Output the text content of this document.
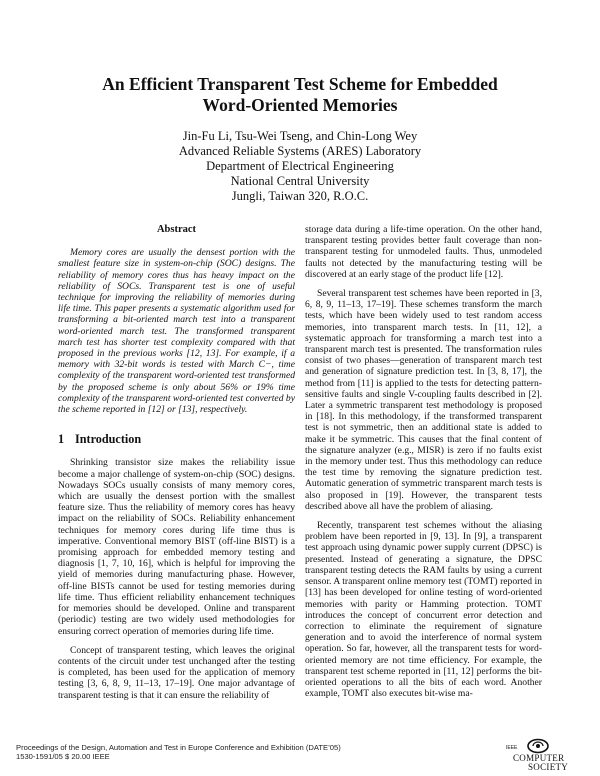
An Efficient Transparent Test Scheme for Embedded
Word-Oriented Memories
Jin-Fu Li, Tsu-Wei Tseng, and Chin-Long Wey
Advanced Reliable Systems (ARES) Laboratory
Department of Electrical Engineering
National Central University
Jungli, Taiwan 320, R.O.C.
Abstract

Memory cores are usually the densest portion with the smallest feature size in system-on-chip (SOC) designs. The reliability of memory cores thus has heavy impact on the reliability of SOCs. Transparent test is one of useful technique for improving the reliability of memories during life time. This paper presents a systematic algorithm used for transforming a bit-oriented march test into a transparent word-oriented march test. The transformed transparent march test has shorter test complexity compared with that proposed in the previous works [12, 13]. For example, if a memory with 32-bit words is tested with March C−, time complexity of the transparent word-oriented test transformed by the proposed scheme is only about 56% or 19% time complexity of the transparent word-oriented test converted by the scheme reported in [12] or [13], respectively.

1 Introduction

Shrinking transistor size makes the reliability issue become a major challenge of system-on-chip (SOC) designs. Nowadays SOCs usually consists of many memory cores, which are usually the densest portion with the smallest feature size. Thus the reliability of memory cores has heavy impact on the reliability of SOCs. Reliability enhancement techniques for memory cores during life time thus is imperative. Conventional memory BIST (off-line BIST) is a promising approach for embedded memory testing and diagnosis [1, 7, 10, 16], which is helpful for improving the yield of memories during manufacturing phase. However, off-line BISTs cannot be used for testing memories during life time. Thus efficient reliability enhancement techniques for memories should be developed. Online and transparent (periodic) testing are two widely used methodologies for ensuring correct operation of memories during life time.

Concept of transparent testing, which leaves the original contents of the circuit under test unchanged after the testing is completed, has been used for the application of memory testing [3, 6, 8, 9, 11–13, 17–19]. One major advantage of transparent testing is that it can ensure the reliability of

storage data during a life-time operation. On the other hand, transparent testing provides better fault coverage than non-transparent testing for unmodeled faults. Thus, unmodeled faults not detected by the manufacturing testing will be discovered at an early stage of the product life [12].

Several transparent test schemes have been reported in [3, 6, 8, 9, 11–13, 17–19]. These schemes transform the march tests, which have been widely used to test random access memories, into transparent march tests. In [11, 12], a systematic approach for transforming a march test into a transparent march test is presented. The transformation rules consist of two phases—generation of transparent march test and generation of signature prediction test. In [3, 8, 17], the method from [11] is applied to the tests for detecting pattern-sensitive faults and single V-coupling faults described in [2]. Later a symmetric transparent test methodology is proposed in [18]. In this methodology, if the transformed transparent test is not symmetric, then an additional state is added to make it be symmetric. This causes that the final content of the signature analyzer (e.g., MISR) is zero if no faults exist in the memory under test. Thus this methodology can reduce the test time by removing the signature prediction test. Automatic generation of symmetric transparent march tests is also proposed in [19]. However, the transparent tests described above all have the problem of aliasing.

Recently, transparent test schemes without the aliasing problem have been reported in [9, 13]. In [9], a transparent test approach using dynamic power supply current (DPSC) is presented. Instead of generating a signature, the DPSC transparent testing detects the RAM faults by using a current sensor. A transparent online memory test (TOMT) reported in [13] has been developed for online testing of word-oriented memories with parity or Hamming protection. TOMT introduces the concept of concurrent error detection and correction to eliminate the requirement of signature generation and to avoid the interference of normal system operation. So far, however, all the transparent tests for word-oriented memory are not time efficiency. For example, the transparent test scheme reported in [11, 12] performs the bit-oriented operations to all the bits of each word. Another example, TOMT also executes bit-wise ma-

Proceedings of the Design, Automation and Test in Europe Conference and Exhibition (DATE’05)
1530-1591/05 $ 20.00 IEEE
IEEE
COMPUTER
SOCIETY
